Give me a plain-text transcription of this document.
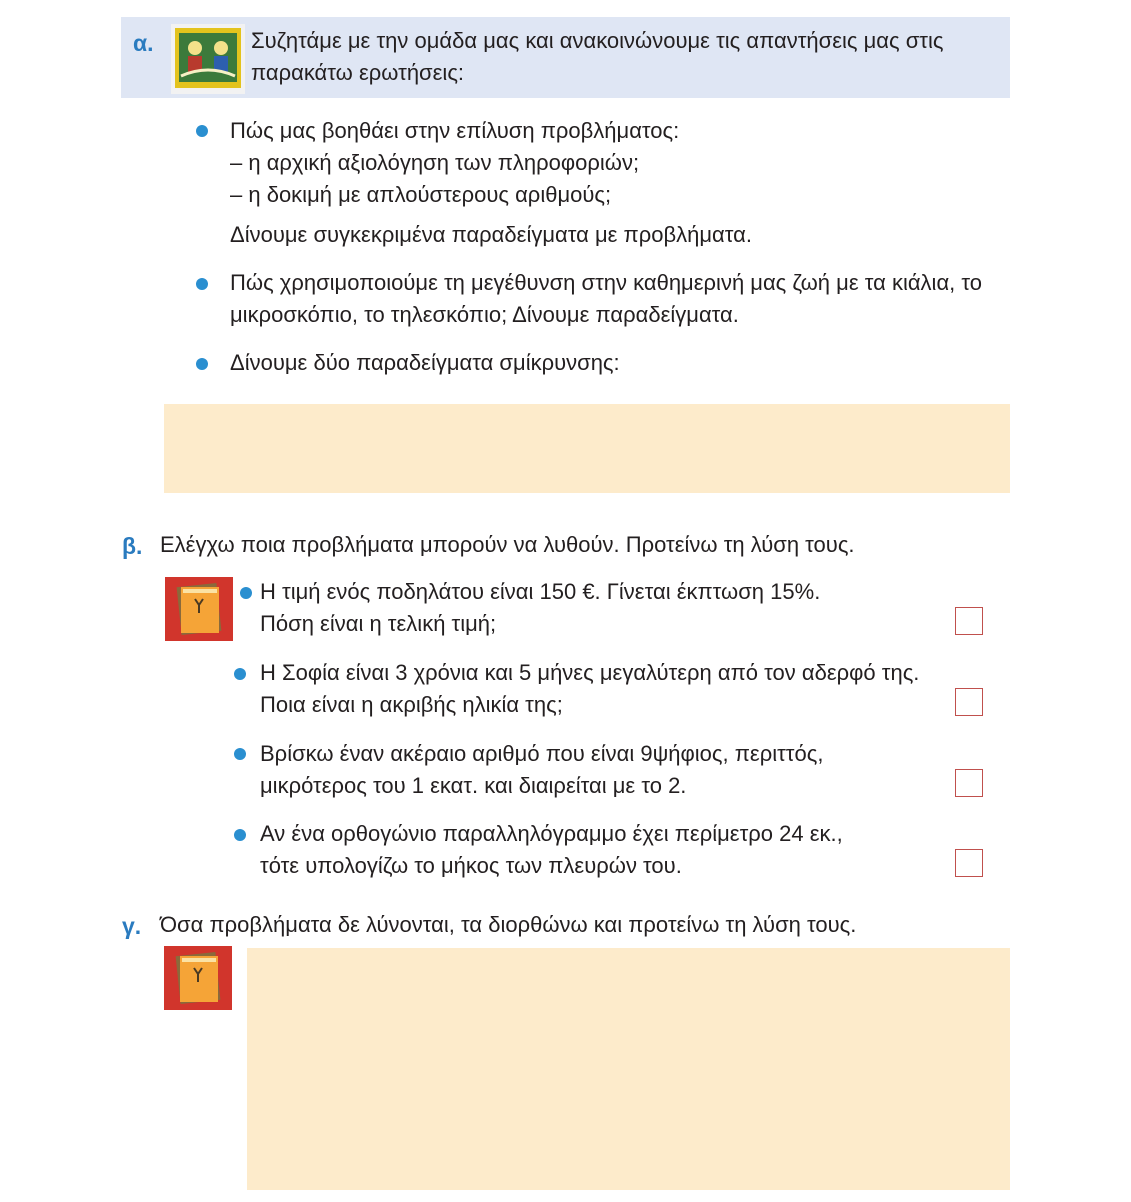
α.	Συζητάμε με την ομάδα μας και ανακοινώνουμε τις απαντήσεις μας στις
παρακάτω ερωτήσεις:
Πώς μας βοηθάει στην επίλυση προβλήματος:
– η αρχική αξιολόγηση των πληροφοριών;
– η δοκιμή με απλούστερους αριθμούς;
Δίνουμε συγκεκριμένα παραδείγματα με προβλήματα.
Πώς χρησιμοποιούμε τη μεγέθυνση στην καθημερινή μας ζωή με τα κιάλια, το
μικροσκόπιο, το τηλεσκόπιο; Δίνουμε παραδείγματα.
Δίνουμε δύο παραδείγματα σμίκρυνσης:
β. Ελέγχω ποια προβλήματα μπορούν να λυθούν. Προτείνω τη λύση τους.
Η τιμή ενός ποδηλάτου είναι 150 €. Γίνεται έκπτωση 15%.
Πόση είναι η τελική τιμή;
Η Σοφία είναι 3 χρόνια και 5 μήνες μεγαλύτερη από τον αδερφό της.
Ποια είναι η ακριβής ηλικία της;
Βρίσκω έναν ακέραιο αριθμό που είναι 9ψήφιος, περιττός,
μικρότερος του 1 εκατ. και διαιρείται με το 2.
Αν ένα ορθογώνιο παραλληλόγραμμο έχει περίμετρο 24 εκ.,
τότε υπολογίζω το μήκος των πλευρών του.
γ. Όσα προβλήματα δε λύνονται, τα διορθώνω και προτείνω τη λύση τους.
